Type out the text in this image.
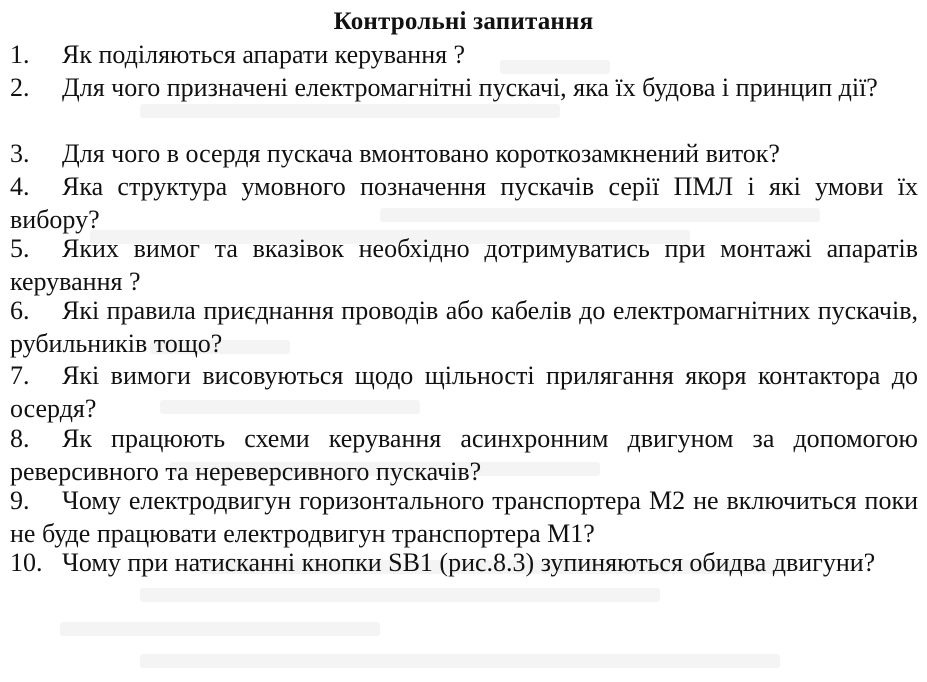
Контрольні запитання
1.	Як поділяються апарати керування ?
2.	Для чого призначені електромагнітні пускачі, яка їх будова і принцип дії?
3.	Для чого в осердя пускача вмонтовано короткозамкнений виток?
4.	Яка структура умовного позначення пускачів серії ПМЛ і які умови їх вибору?
5.	Яких вимог та вказівок необхідно дотримуватись при монтажі апаратів керування ?
6.	Які правила приєднання проводів або кабелів до електромагнітних пускачів, рубильників тощо?
7.	Які вимоги висовуються щодо щільності прилягання якоря контактора до осердя?
8.	Як працюють схеми керування асинхронним двигуном за допомогою реверсивного та нереверсивного пускачів?
9.	Чому електродвигун горизонтального транспортера М2 не включиться поки не буде працювати електродвигун транспортера М1?
10. Чому при натисканні кнопки SB1 (рис.8.3) зупиняються обидва двигуни?
